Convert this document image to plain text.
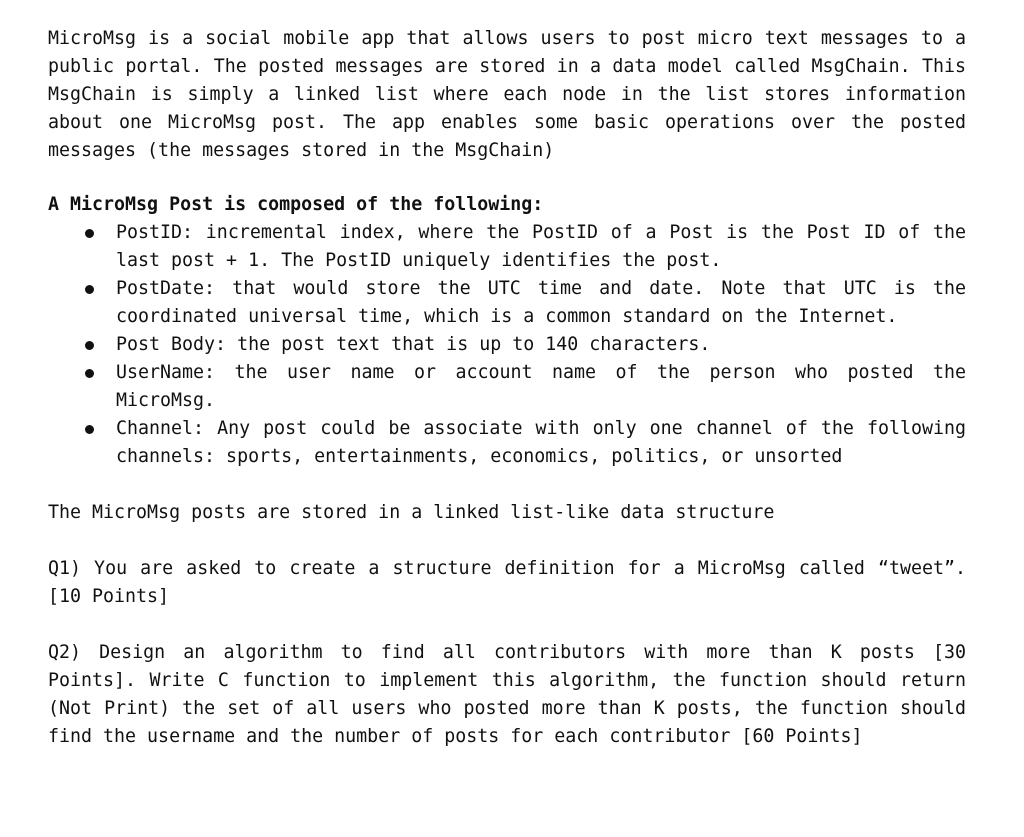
MicroMsg is a social mobile app that allows users to post micro text messages to a public portal. The posted messages are stored in a data model called MsgChain. This MsgChain is simply a linked list where each node in the list stores information about one MicroMsg post. The app enables some basic operations over the posted messages (the messages stored in the MsgChain)

A MicroMsg Post is composed of the following:

PostID: incremental index, where the PostID of a Post is the Post ID of the last post + 1. The PostID uniquely identifies the post.
PostDate: that would store the UTC time and date. Note that UTC is the coordinated universal time, which is a common standard on the Internet.
Post Body: the post text that is up to 140 characters.
UserName: the user name or account name of the person who posted the MicroMsg.
Channel: Any post could be associate with only one channel of the following channels: sports, entertainments, economics, politics, or unsorted

The MicroMsg posts are stored in a linked list-like data structure

Q1) You are asked to create a structure definition for a MicroMsg called “tweet”. [10 Points]

Q2) Design an algorithm to find all contributors with more than K posts [30 Points]. Write C function to implement this algorithm, the function should return (Not Print) the set of all users who posted more than K posts, the function should find the username and the number of posts for each contributor [60 Points]
